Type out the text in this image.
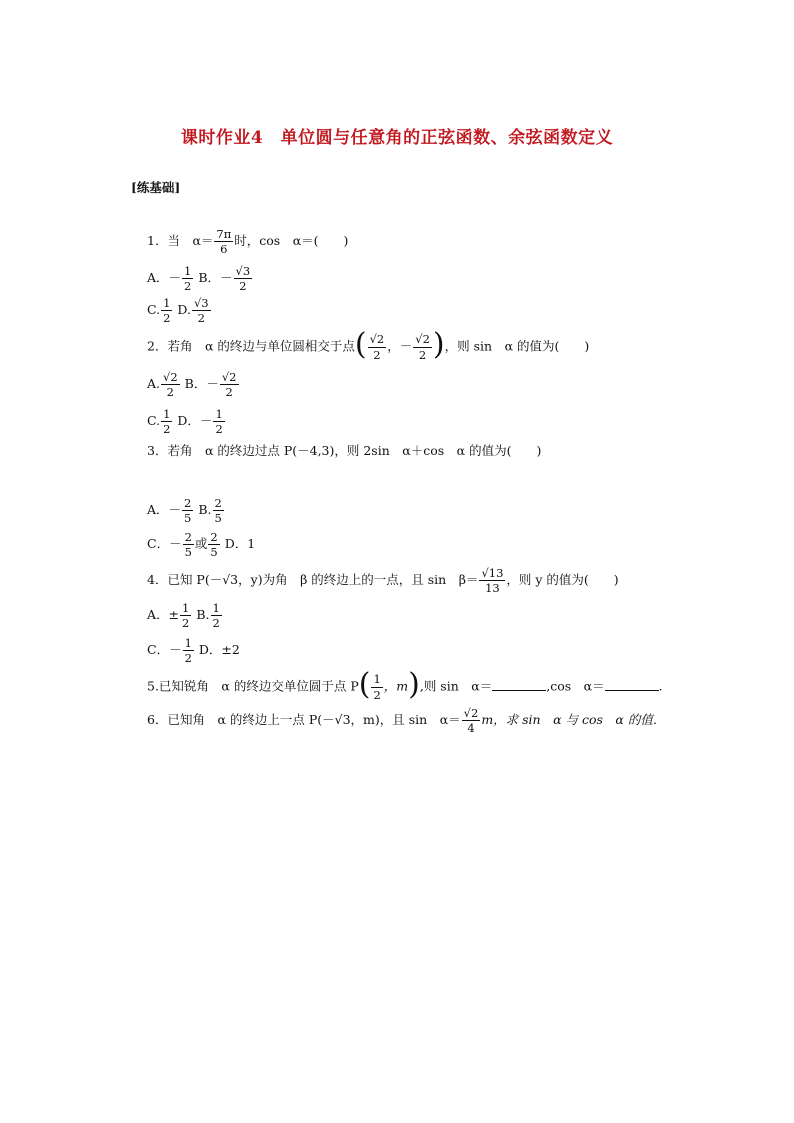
课时作业4　单位圆与任意角的正弦函数、余弦函数定义
[练基础]
1．当　$\alpha= \frac{7\pi}{6}$ 时，cos　α＝(　　)
A．－ $\frac{1}{2}$ B．－ $\frac{√3}{2}$
C. $\frac{1}{2} D$. $\frac{√3}{2}$
2．若角　α 的终边与单位圆相交于点( $\frac{√2}{2}$ ，－ $\frac{√2}{2}$ )，则 sin　α 的值为(　　)
A. $\frac{√2}{2}$ B．－ $\frac{√2}{2}$
C. $\frac{1}{2}$ D．－ $\frac{1}{2}$
3．若角　α 的终边过点 P(－4,3)，则 2sin　α＋cos　α 的值为(　　)
A．－ $\frac{2}{5} B$. $\frac{2}{5}$
C．－ $\frac{2}{5}$ 或 $\frac{2}{5}$ D．1
4．已知 P(－√3，y)为角　β 的终边上的一点，且 sin　$\beta= \frac{√13}{13}$ ，则 y 的值为(　　)
A．± $\frac{1}{2} B$. $\frac{1}{2}$
C．－ $\frac{1}{2}$ D．±2
5.已知锐角　α 的终边交单位圆于点 $P( \frac{1}{2}$ ，m),则 sin　α＝	,cos　α＝	.
6．已知角　α 的终边上一点 P(－√3，m)，且 sin　$\alpha= \frac{√2}{4}$ m，求 sin　α 与 cos　α 的值．
